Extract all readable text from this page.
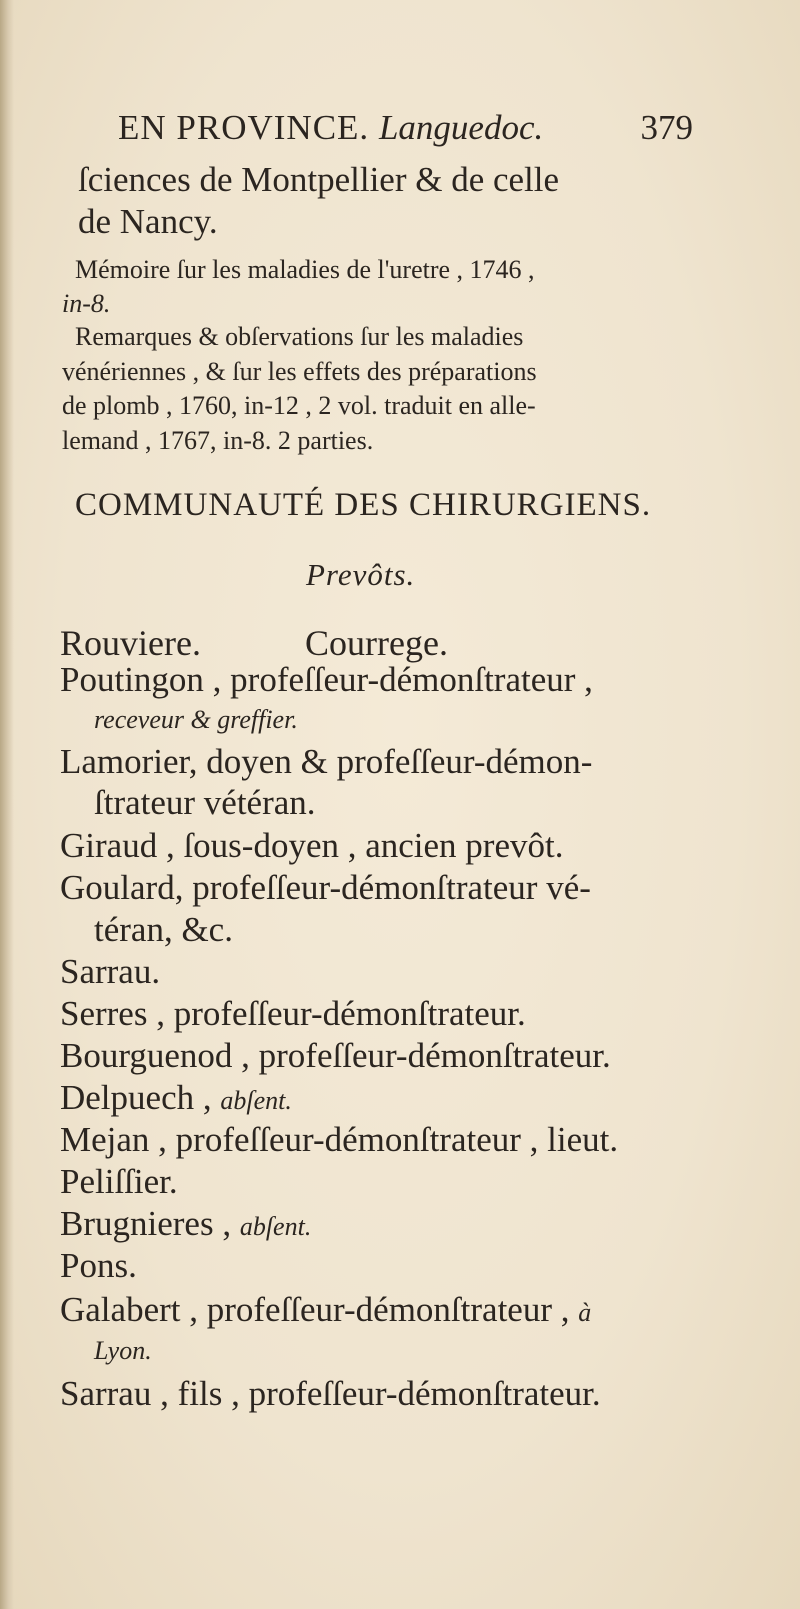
EN PROVINCE. Languedoc.	379

ſciences de Montpellier & de celle

de Nancy.

Mémoire ſur les maladies de l'uretre , 1746 ,

in-8.

Remarques & obſervations ſur les maladies

vénériennes , & ſur les effets des préparations

de plomb , 1760, in-12 , 2 vol. traduit en alle-

lemand , 1767, in-8. 2 parties.

COMMUNAUTÉ DES CHIRURGIENS.

Prevôts.

Rouviere.	Courrege.

Poutingon , profeſſeur-démonſtrateur ,

receveur & greffier.

Lamorier, doyen & profeſſeur-démon-

ſtrateur vétéran.

Giraud , ſous-doyen , ancien prevôt.

Goulard, profeſſeur-démonſtrateur vé-

téran, &c.

Sarrau.

Serres , profeſſeur-démonſtrateur.

Bourguenod , profeſſeur-démonſtrateur.

Delpuech , abſent.

Mejan , profeſſeur-démonſtrateur , lieut.

Peliſſier.

Brugnieres , abſent.

Pons.

Galabert , profeſſeur-démonſtrateur , à

Lyon.

Sarrau , fils , profeſſeur-démonſtrateur.
